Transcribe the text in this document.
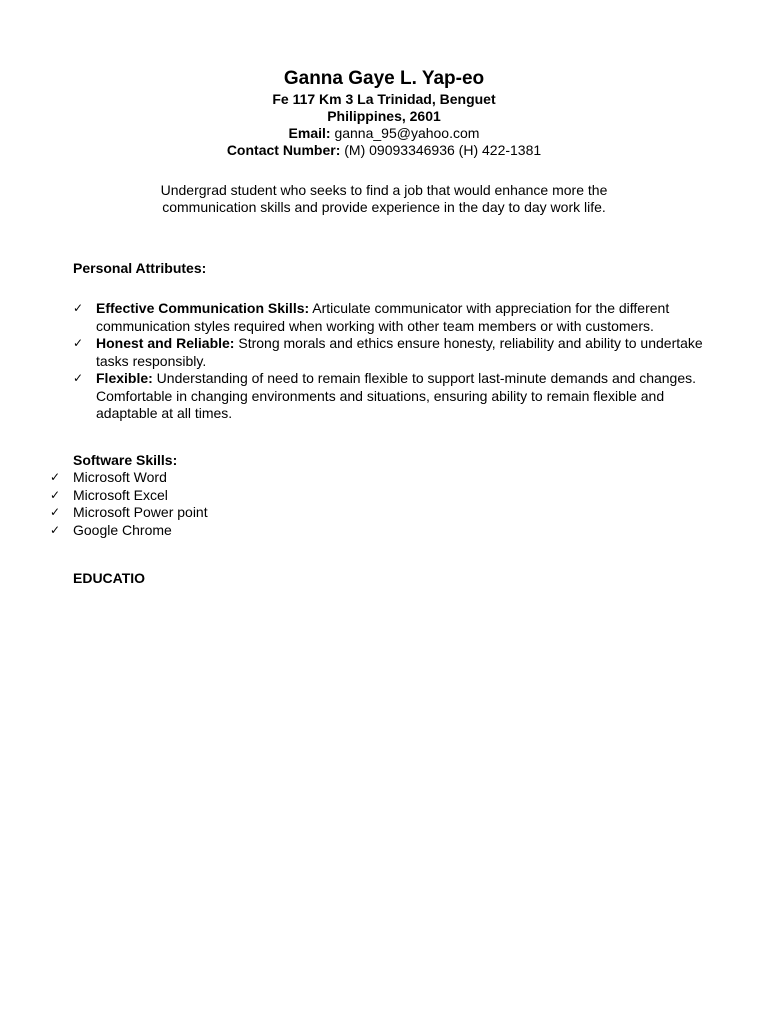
Ganna Gaye L. Yap-eo
Fe 117 Km 3 La Trinidad, Benguet
Philippines, 2601
Email: ganna_95@yahoo.com
Contact Number: (M) 09093346936 (H) 422-1381
Undergrad student who seeks to find a job that would enhance more the communication skills and provide experience in the day to day work life.
Personal Attributes:
✓ Effective Communication Skills: Articulate communicator with appreciation for the different communication styles required when working with other team members or with customers.
✓ Honest and Reliable: Strong morals and ethics ensure honesty, reliability and ability to undertake tasks responsibly.
✓ Flexible: Understanding of need to remain flexible to support last-minute demands and changes. Comfortable in changing environments and situations, ensuring ability to remain flexible and adaptable at all times.
Software Skills:
✓ Microsoft Word
✓ Microsoft Excel
✓ Microsoft Power point
✓ Google Chrome
EDUCATIO
